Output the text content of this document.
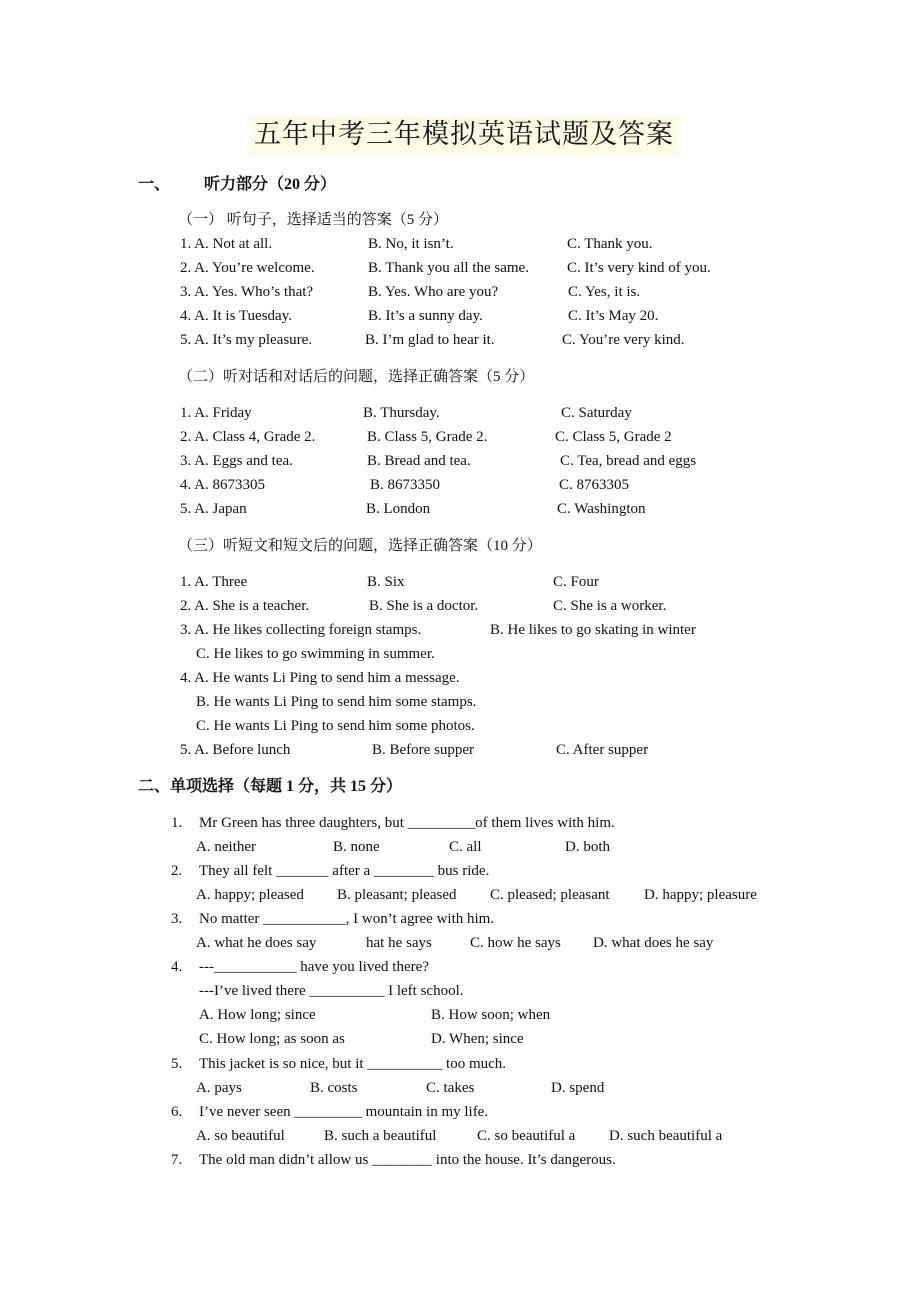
五年中考三年模拟英语试题及答案
一、 听力部分（20 分）
（一） 听句子，选择适当的答案（5 分）
1. A. Not at all.	B. No, it isn’t.	C. Thank you.
2. A. You’re welcome.	B. Thank you all the same.	C. It’s very kind of you.
3. A. Yes. Who’s that?	B. Yes. Who are you?	C. Yes, it is.
4. A. It is Tuesday.	B. It’s a sunny day.	C. It’s May 20.
5. A. It’s my pleasure.	B. I’m glad to hear it.	C. You’re very kind.
（二）听对话和对话后的问题，选择正确答案（5 分）
1. A. Friday	B. Thursday.	C. Saturday
2. A. Class 4, Grade 2.	B. Class 5, Grade 2.	C. Class 5, Grade 2
3. A. Eggs and tea.	B. Bread and tea.	C. Tea, bread and eggs
4. A. 8673305	B. 8673350	C. 8763305
5. A. Japan	B. London	C. Washington
（三）听短文和短文后的问题，选择正确答案（10 分）
1. A. Three	B. Six	C. Four
2. A. She is a teacher.	B. She is a doctor.	C. She is a worker.
3. A. He likes collecting foreign stamps.	B. He likes to go skating in winter
C. He likes to go swimming in summer.
4. A. He wants Li Ping to send him a message.
B. He wants Li Ping to send him some stamps.
C. He wants Li Ping to send him some photos.
5. A. Before lunch	B. Before supper	C. After supper
二、单项选择（每题 1 分，共 15 分）
1. Mr Green has three daughters, but _________of them lives with him.
A. neither	B. none	C. all	D. both
2. They all felt _______ after a ________ bus ride.
A. happy; pleased B. pleasant; pleased C. pleased; pleasant D. happy; pleasure
3. No matter ___________, I won’t agree with him.
A. what he does say	hat he says	C. how he says D. what does he say
4. ---___________ have you lived there?
---I’ve lived there __________ I left school.
A. How long; since	B. How soon; when
C. How long; as soon as	D. When; since
5. This jacket is so nice, but it __________ too much.
A. pays	B. costs	C. takes	D. spend
6. I’ve never seen _________ mountain in my life.
A. so beautiful	B. such a beautiful	C. so beautiful a D. such beautiful a
7. The old man didn’t allow us ________ into the house. It’s dangerous.
